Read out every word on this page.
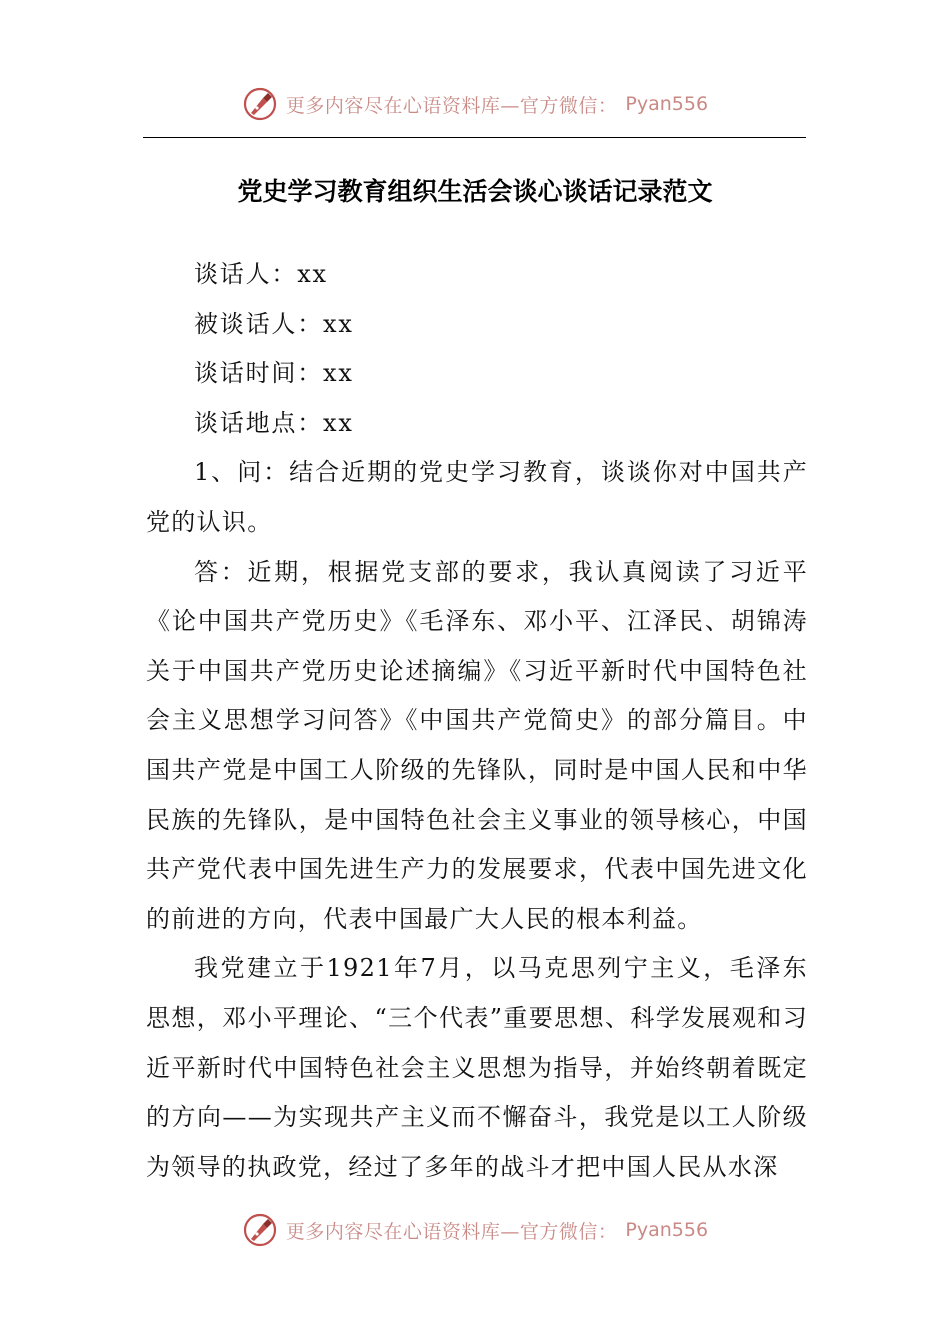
更多内容尽在心语资料库—官方微信： Pyan556
党史学习教育组织生活会谈心谈话记录范文

谈话人：xx

被谈话人：xx

谈话时间：xx

谈话地点：xx

1、问：结合近期的党史学习教育，谈谈你对中国共产党的认识。

答：近期，根据党支部的要求，我认真阅读了习近平《论中国共产党历史》《毛泽东、邓小平、江泽民、胡锦涛关于中国共产党历史论述摘编》《习近平新时代中国特色社会主义思想学习问答》《中国共产党简史》的部分篇目。中国共产党是中国工人阶级的先锋队，同时是中国人民和中华民族的先锋队，是中国特色社会主义事业的领导核心，中国共产党代表中国先进生产力的发展要求，代表中国先进文化的前进的方向，代表中国最广大人民的根本利益。

我党建立于1921年7月，以马克思列宁主义，毛泽东思想，邓小平理论、“三个代表”重要思想、科学发展观和习近平新时代中国特色社会主义思想为指导，并始终朝着既定的方向——为实现共产主义而不懈奋斗，我党是以工人阶级为领导的执政党，经过了多年的战斗才把中国人民从水深

更多内容尽在心语资料库—官方微信： Pyan556
